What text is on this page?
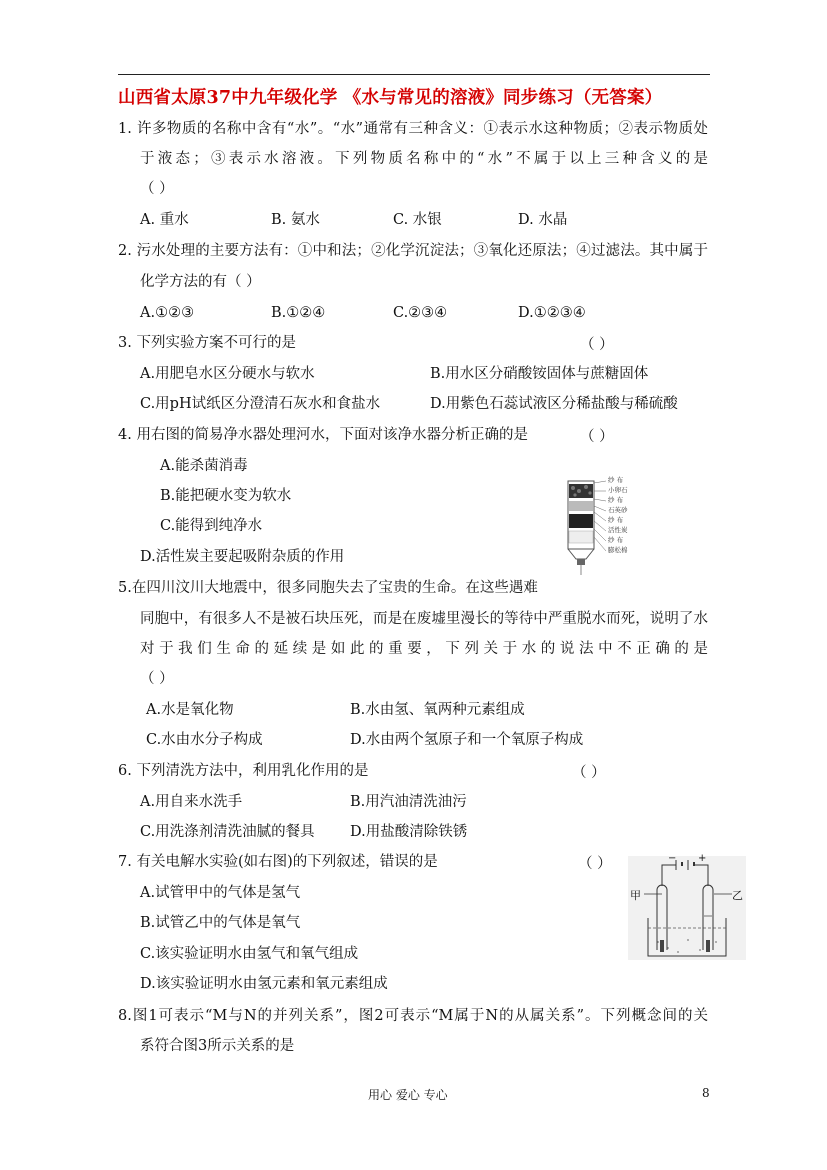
山西省太原37中九年级化学 《水与常见的溶液》同步练习（无答案）
1. 许多物质的名称中含有“水”。“水”通常有三种含义：①表示水这种物质；②表示物质处
于液态；③表示水溶液。下列物质名称中的“水”不属于以上三种含义的是
（ ）
A. 重水	B. 氨水	C. 水银	D. 水晶
2. 污水处理的主要方法有：①中和法；②化学沉淀法；③氧化还原法；④过滤法。其中属于
化学方法的有（ ）
A.①②③	B.①②④	C.②③④	D.①②③④
3. 下列实验方案不可行的是	（ ）
A.用肥皂水区分硬水与软水	B.用水区分硝酸铵固体与蔗糖固体
C.用pH试纸区分澄清石灰水和食盐水	D.用紫色石蕊试液区分稀盐酸与稀硫酸
4. 用右图的简易净水器处理河水，下面对该净水器分析正确的是	（ ）
A.能杀菌消毒
B.能把硬水变为软水
C.能得到纯净水
D.活性炭主要起吸附杂质的作用
纱 布
小卵石
纱 布
石英砂
纱 布
活性炭
纱 布
膨松棉
5.在四川汶川大地震中，很多同胞失去了宝贵的生命。在这些遇难
同胞中，有很多人不是被石块压死，而是在废墟里漫长的等待中严重脱水而死，说明了水
对于我们生命的延续是如此的重要，下列关于水的说法中不正确的是
（ ）
A.水是氧化物	B.水由氢、氧两种元素组成
C.水由水分子构成	D.水由两个氢原子和一个氧原子构成
6. 下列清洗方法中，利用乳化作用的是	（ ）
A.用自来水洗手	B.用汽油清洗油污
C.用洗涤剂清洗油腻的餐具 D.用盐酸清除铁锈
7. 有关电解水实验(如右图)的下列叙述，错误的是	（ ）
A.试管甲中的气体是氢气
B.试管乙中的气体是氧气
C.该实验证明水由氢气和氧气组成
D.该实验证明水由氢元素和氧元素组成
甲	乙
− +
8.图1可表示“M与N的并列关系”，图2可表示“M属于N的从属关系”。下列概念间的关
系符合图3所示关系的是
用心 爱心 专心	8
